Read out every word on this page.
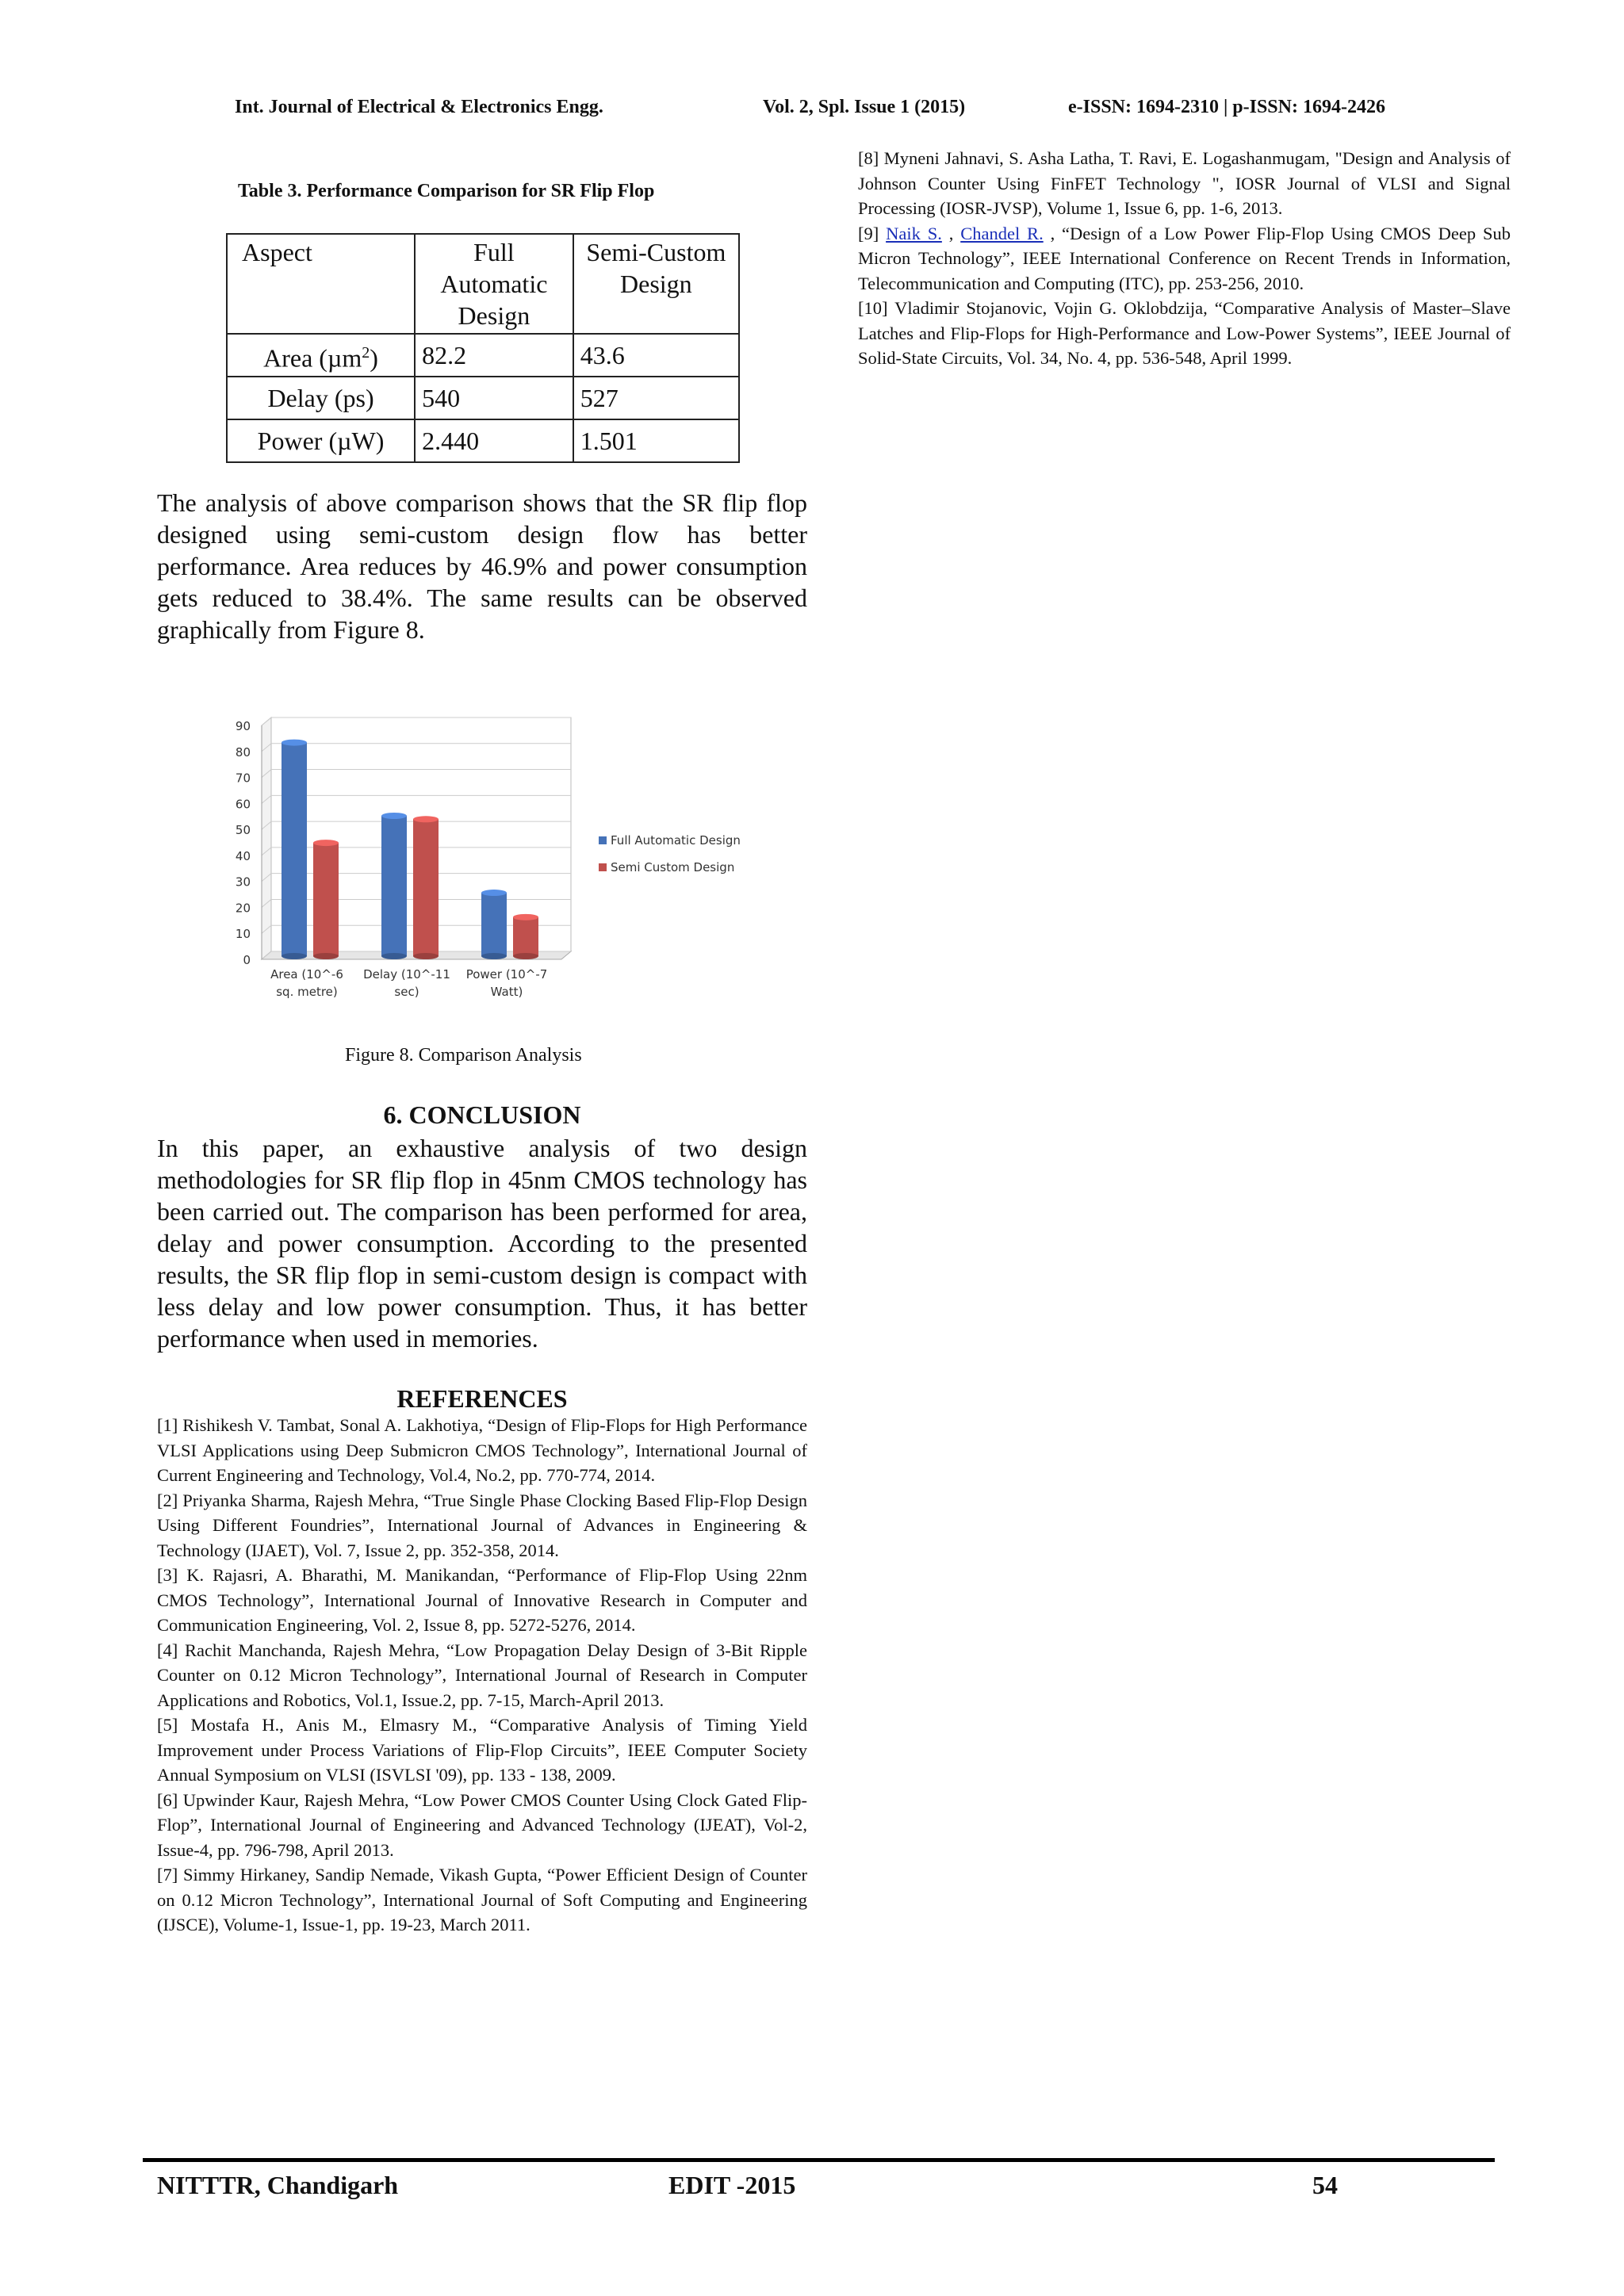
Int. Journal of Electrical & Electronics Engg.	Vol. 2, Spl. Issue 1 (2015)	e-ISSN: 1694-2310 | p-ISSN: 1694-2426
Table 3. Performance Comparison for SR Flip Flop
Aspect	Full Automatic Design	Semi-Custom Design
Area (µm$^2$)	82.2	43.6
Delay (ps)	540	527
Power (µW)	2.440	1.501
The analysis of above comparison shows that the SR flip flop designed using semi-custom design flow has better performance. Area reduces by 46.9% and power consumption gets reduced to 38.4%. The same results can be observed graphically from Figure 8.
0
10
20
30
40
50
60
70
80
90
Area (10^-6 sq. metre)
Delay (10^-11 sec)
Power (10^-7 Watt)
Full Automatic Design
Semi Custom Design
Figure 8. Comparison Analysis
6. CONCLUSION
In this paper, an exhaustive analysis of two design methodologies for SR flip flop in 45nm CMOS technology has been carried out. The comparison has been performed for area, delay and power consumption. According to the presented results, the SR flip flop in semi-custom design is compact with less delay and low power consumption. Thus, it has better performance when used in memories.
REFERENCES

[1] Rishikesh V. Tambat, Sonal A. Lakhotiya, “Design of Flip-Flops for High Performance VLSI Applications using Deep Submicron CMOS Technology”, International Journal of Current Engineering and Technology, Vol.4, No.2, pp. 770-774, 2014.

[2] Priyanka Sharma, Rajesh Mehra, “True Single Phase Clocking Based Flip-Flop Design Using Different Foundries”, International Journal of Advances in Engineering & Technology (IJAET), Vol. 7, Issue 2, pp. 352-358, 2014.

[3] K. Rajasri, A. Bharathi, M. Manikandan, “Performance of Flip-Flop Using 22nm CMOS Technology”, International Journal of Innovative Research in Computer and Communication Engineering, Vol. 2, Issue 8, pp. 5272-5276, 2014.

[4] Rachit Manchanda, Rajesh Mehra, “Low Propagation Delay Design of 3-Bit Ripple Counter on 0.12 Micron Technology”, International Journal of Research in Computer Applications and Robotics, Vol.1, Issue.2, pp. 7-15, March-April 2013.

[5] Mostafa H., Anis M., Elmasry M., “Comparative Analysis of Timing Yield Improvement under Process Variations of Flip-Flop Circuits”, IEEE Computer Society Annual Symposium on VLSI (ISVLSI '09), pp. 133 - 138, 2009.

[6] Upwinder Kaur, Rajesh Mehra, “Low Power CMOS Counter Using Clock Gated Flip-Flop”, International Journal of Engineering and Advanced Technology (IJEAT), Vol-2, Issue-4, pp. 796-798, April 2013.

[7] Simmy Hirkaney, Sandip Nemade, Vikash Gupta, “Power Efficient Design of Counter on 0.12 Micron Technology”, International Journal of Soft Computing and Engineering (IJSCE), Volume-1, Issue-1, pp. 19-23, March 2011.

[8] Myneni Jahnavi, S. Asha Latha, T. Ravi, E. Logashanmugam, "Design and Analysis of Johnson Counter Using FinFET Technology ", IOSR Journal of VLSI and Signal Processing (IOSR-JVSP), Volume 1, Issue 6, pp. 1-6, 2013.

[9] Naik S. , Chandel R. , “Design of a Low Power Flip-Flop Using CMOS Deep Sub Micron Technology”, IEEE International Conference on Recent Trends in Information, Telecommunication and Computing (ITC), pp. 253-256, 2010.

[10] Vladimir Stojanovic, Vojin G. Oklobdzija, “Comparative Analysis of Master–Slave Latches and Flip-Flops for High-Performance and Low-Power Systems”, IEEE Journal of Solid-State Circuits, Vol. 34, No. 4, pp. 536-548, April 1999.

NITTTR, Chandigarh	EDIT -2015	54
